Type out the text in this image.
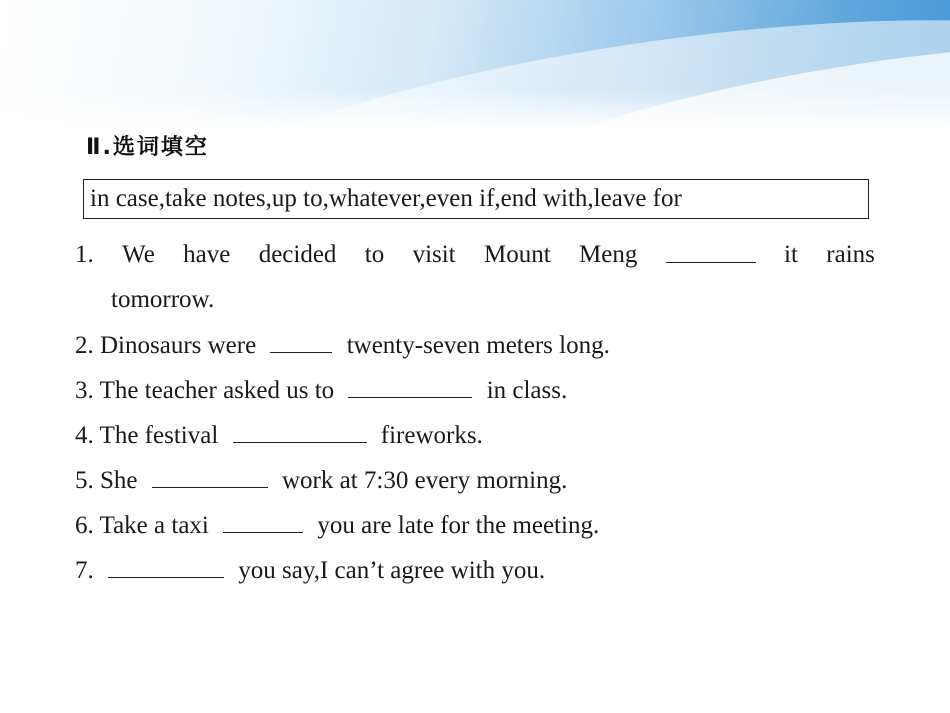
Ⅱ.选词填空
in case,take notes,up to,whatever,even if,end with,leave for
1. We have decided to visit Mount Meng	it rains
tomorrow.
2. Dinosaurs were	twenty-seven meters long.
3. The teacher asked us to	in class.
4. The festival	fireworks.
5. She	work at 7:30 every morning.
6. Take a taxi	you are late for the meeting.
7.	you say,I can’t agree with you.
